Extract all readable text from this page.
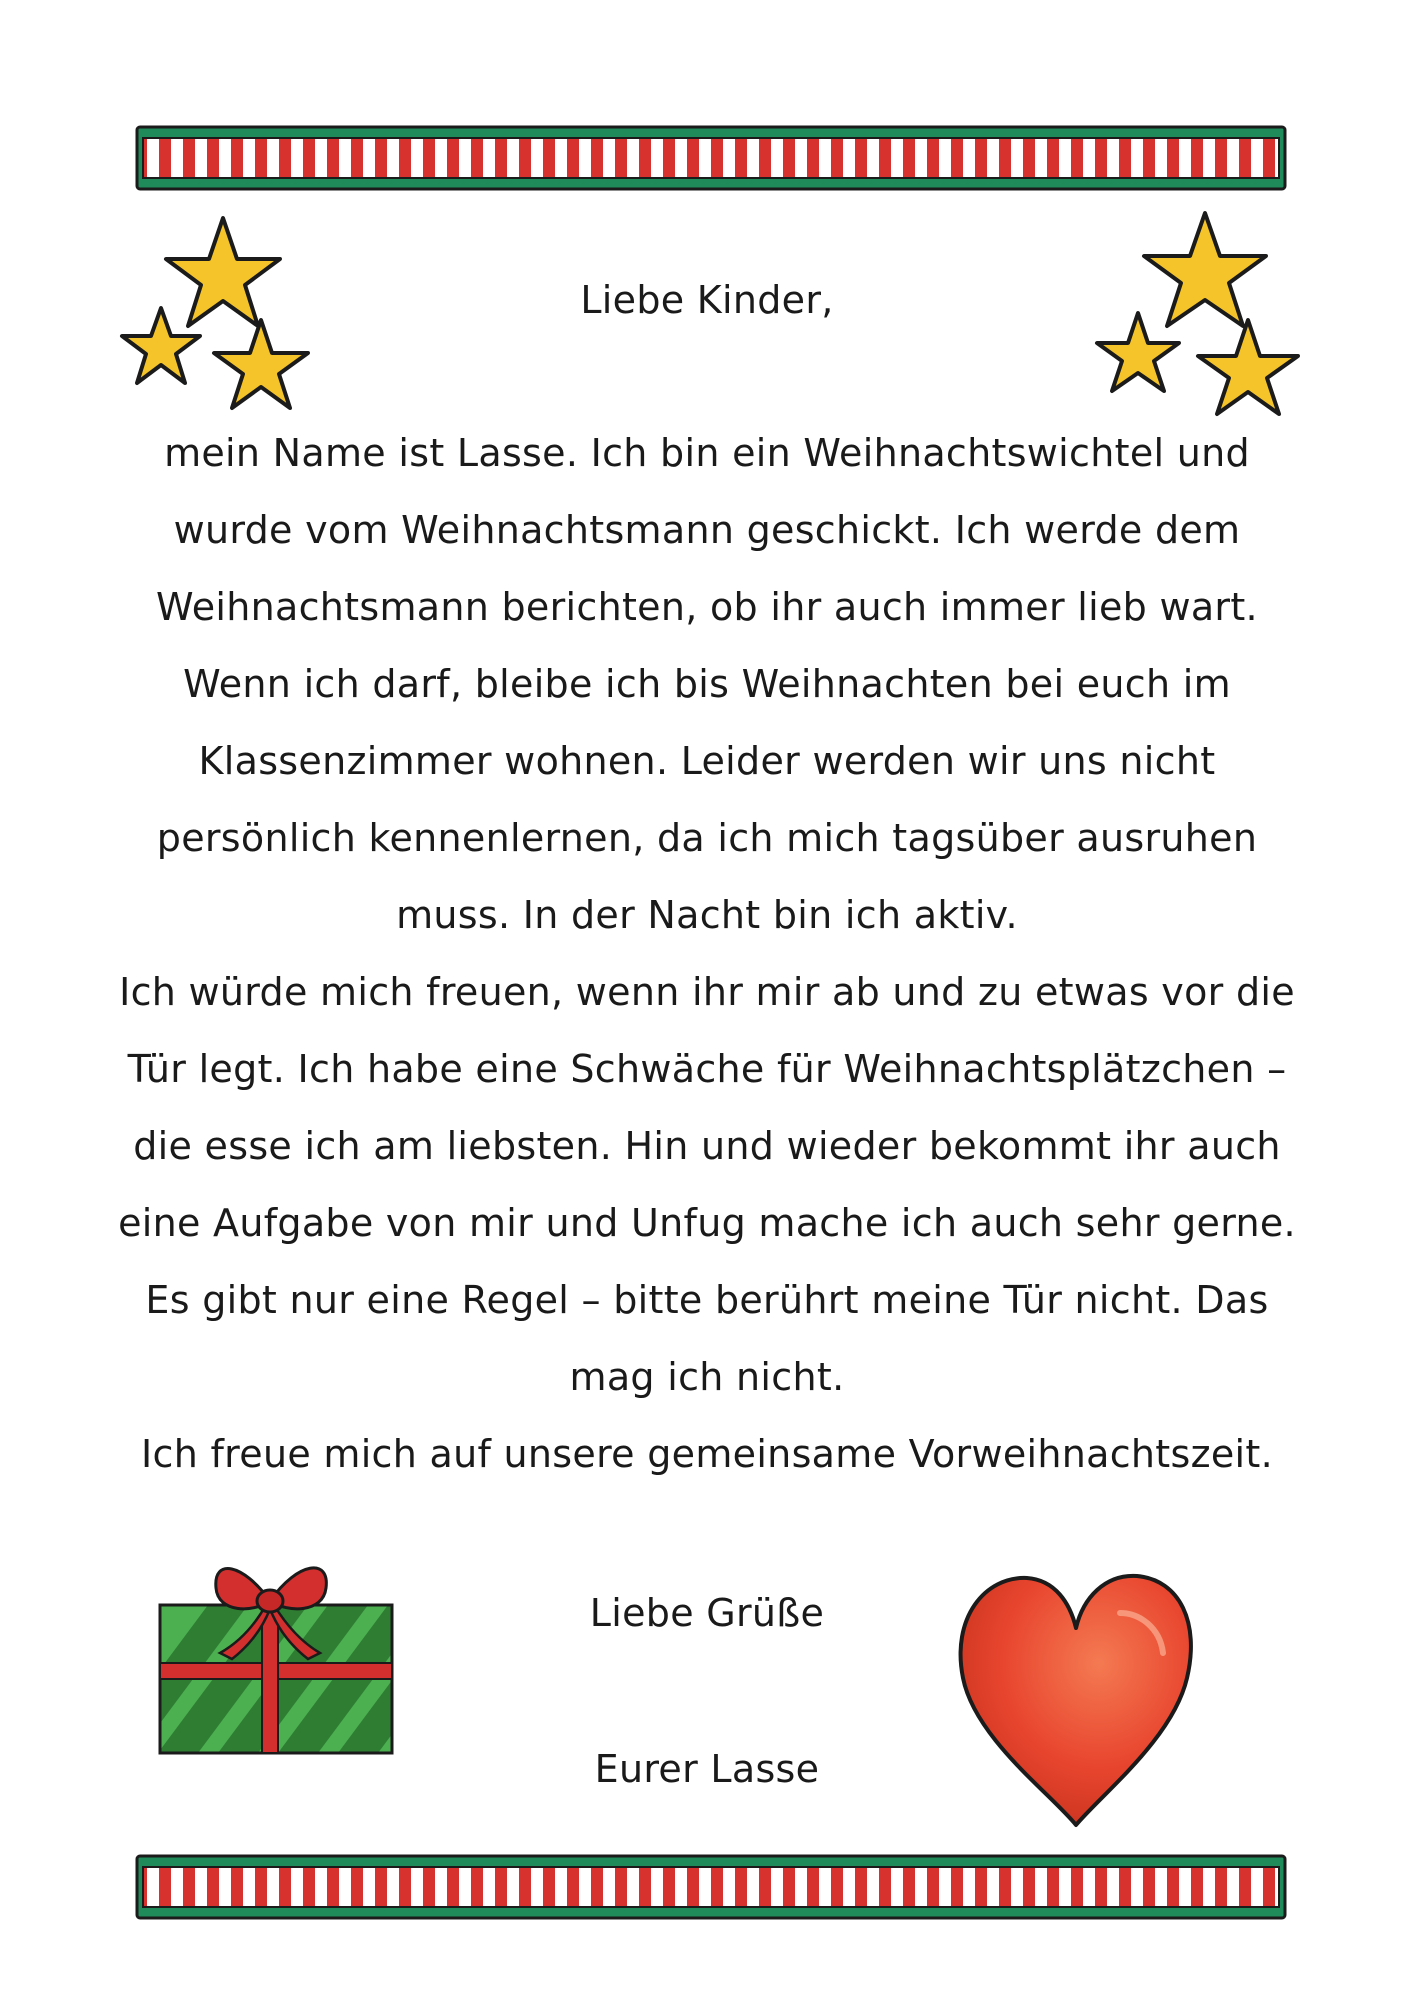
Liebe Kinder,
mein Name ist Lasse. Ich bin ein Weihnachtswichtel und
wurde vom Weihnachtsmann geschickt. Ich werde dem
Weihnachtsmann berichten, ob ihr auch immer lieb wart.
Wenn ich darf, bleibe ich bis Weihnachten bei euch im
Klassenzimmer wohnen. Leider werden wir uns nicht
persönlich kennenlernen, da ich mich tagsüber ausruhen
muss. In der Nacht bin ich aktiv.
Ich würde mich freuen, wenn ihr mir ab und zu etwas vor die
Tür legt. Ich habe eine Schwäche für Weihnachtsplätzchen –
die esse ich am liebsten. Hin und wieder bekommt ihr auch
eine Aufgabe von mir und Unfug mache ich auch sehr gerne.
Es gibt nur eine Regel – bitte berührt meine Tür nicht. Das
mag ich nicht.
Ich freue mich auf unsere gemeinsame Vorweihnachtszeit.
Liebe Grüße
Eurer Lasse
